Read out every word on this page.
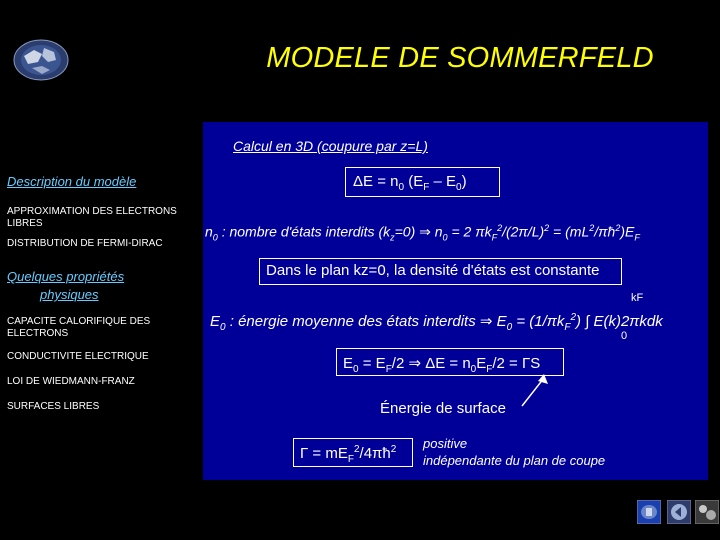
MODELE DE SOMMERFELD
Description du modèle
APPROXIMATION DES ELECTRONS LIBRES
DISTRIBUTION DE FERMI-DIRAC
Quelques propriétés
physiques
CAPACITE CALORIFIQUE DES ELECTRONS
CONDUCTIVITE ELECTRIQUE
LOI DE WIEDMANN-FRANZ
SURFACES LIBRES
Calcul en 3D (coupure par z=L)
$\Delta E = n_0$ $(E_F - E_0)$
$n_0$ : nombre d'états interdits $(k_z=0)$ ⇒ $n_0 = 2$ $\pi k_F^2/(2\pi/L)^2$ = $(mL^2/\pi ħ^2)E_F$
Dans le plan kz=0, la densité d'états est constante
kF
$E_0$ : énergie moyenne des états interdits ⇒ $E_0 = (1/\pi k_F^2)$ ∫ E(k)2πkdk
0
$E_0 = E_F/2$ ⇒ $\Delta E = n_0E_F/2 = \Gamma S$
Énergie de surface
$\Gamma = mE_F^2/4\pi ħ^2$ positive
indépendante du plan de coupe
